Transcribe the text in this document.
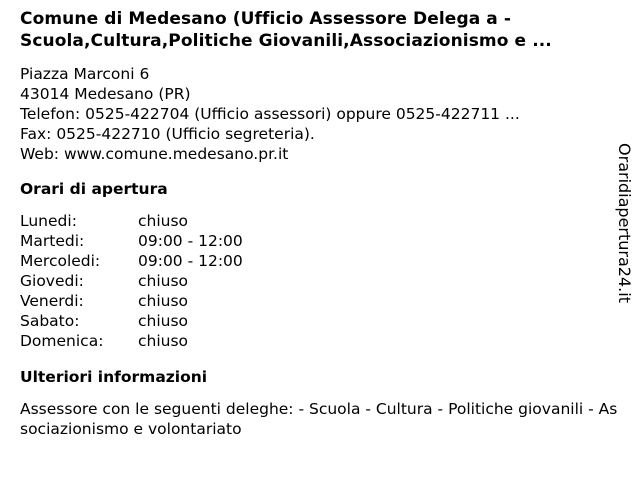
Comune di Medesano (Ufficio Assessore Delega a - Scuola,Cultura,Politiche Giovanili,Associazionismo e ...
Piazza Marconi 6
43014 Medesano (PR)
Telefon: 0525-422704 (Ufficio assessori) oppure 0525-422711 ...
Fax: 0525-422710 (Ufficio segreteria).
Web: www.comune.medesano.pr.it
Orari di apertura
Lunedi:	chiuso
Martedi:	09:00 - 12:00
Mercoledi:	09:00 - 12:00
Giovedi:	chiuso
Venerdi:	chiuso
Sabato:	chiuso
Domenica:	chiuso
Ulteriori informazioni
Assessore con le seguenti deleghe: - Scuola - Cultura - Politiche giovanili - Associazionismo e volontariato
Oraridiapertura24.it
